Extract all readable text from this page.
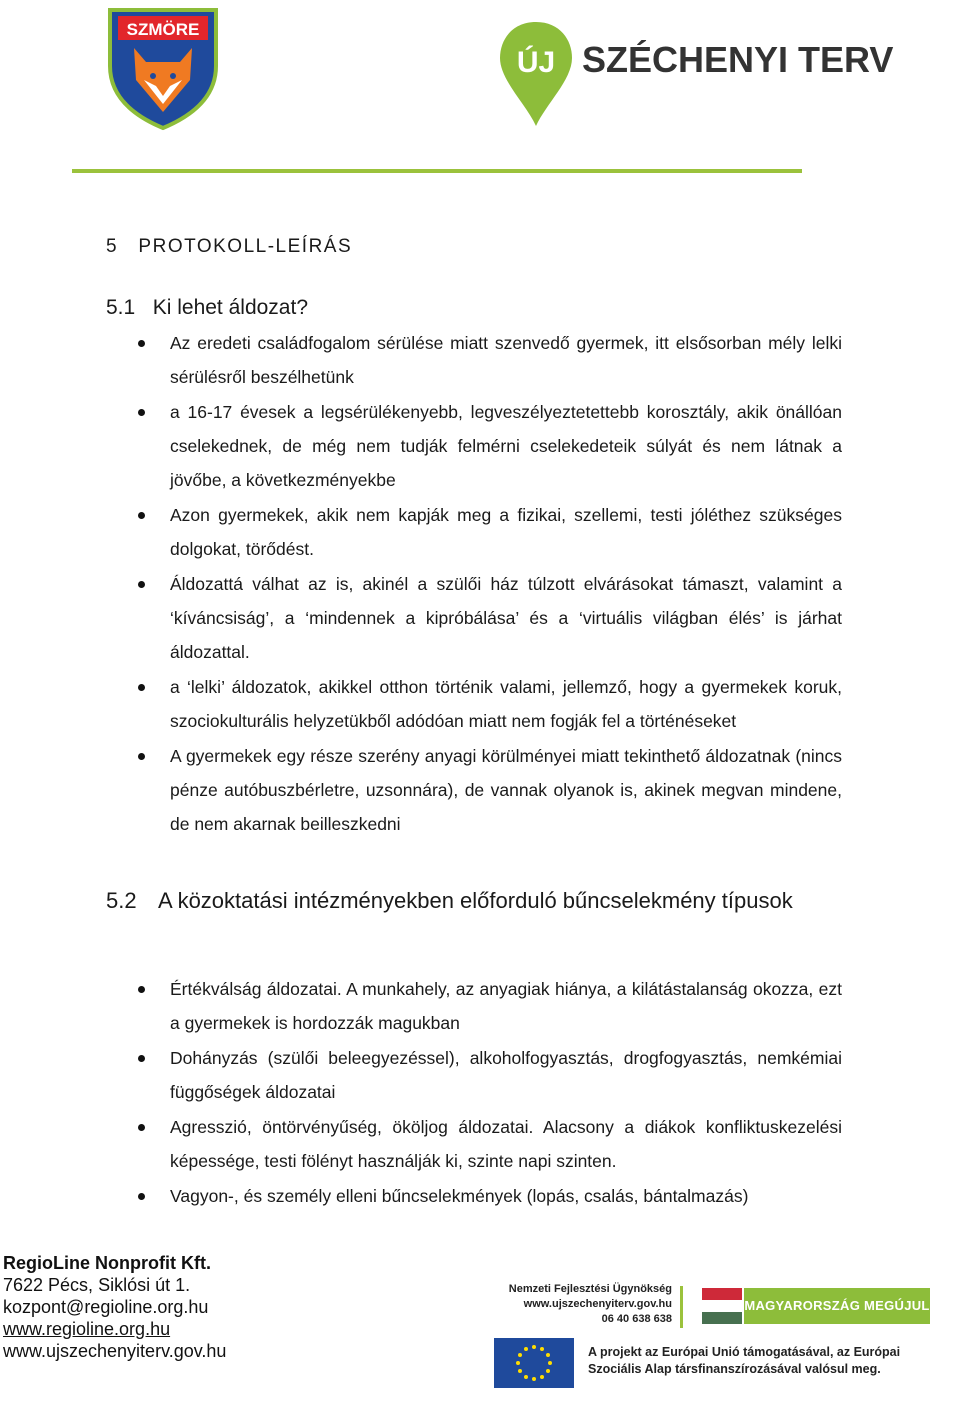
SZMÖRE
ÚJ SZÉCHENYI TERV
5 PROTOKOLL-LEÍRÁS
5.1 Ki lehet áldozat?
Az eredeti családfogalom sérülése miatt szenvedő gyermek, itt elsősorban mély lelki sérülésről beszélhetünk
a 16-17 évesek a legsérülékenyebb, legveszélyeztetettebb korosztály, akik önállóan cselekednek, de még nem tudják felmérni cselekedeteik súlyát és nem látnak a jövőbe, a következményekbe
Azon gyermekek, akik nem kapják meg a fizikai, szellemi, testi jóléthez szükséges dolgokat, törődést.
Áldozattá válhat az is, akinél a szülői ház túlzott elvárásokat támaszt, valamint a ‘kíváncsiság’, a ‘mindennek a kipróbálása’ és a ‘virtuális világban élés’ is járhat áldozattal.
a ‘lelki’ áldozatok, akikkel otthon történik valami, jellemző, hogy a gyermekek koruk, szociokulturális helyzetükből adódóan miatt nem fogják fel a történéseket
A gyermekek egy része szerény anyagi körülményei miatt tekinthető áldozatnak (nincs pénze autóbuszbérletre, uzsonnára), de vannak olyanok is, akinek megvan mindene, de nem akarnak beilleszkedni
5.2 A közoktatási intézményekben előforduló bűncselekmény típusok
Értékválság áldozatai. A munkahely, az anyagiak hiánya, a kilátástalanság okozza, ezt a gyermekek is hordozzák magukban
Dohányzás (szülői beleegyezéssel), alkoholfogyasztás, drogfogyasztás, nemkémiai függőségek áldozatai
Agresszió, öntörvényűség, ököljog áldozatai. Alacsony a diákok konfliktuskezelési képessége, testi fölényt használják ki, szinte napi szinten.
Vagyon-, és személy elleni bűncselekmények (lopás, csalás, bántalmazás)
RegioLine Nonprofit Kft.
7622 Pécs, Siklósi út 1.
kozpont@regioline.org.hu
www.regioline.org.hu
www.ujszechenyiterv.gov.hu
Nemzeti Fejlesztési Ügynökség
www.ujszechenyiterv.gov.hu
06 40 638 638
MAGYARORSZÁG MEGÚJUL
A projekt az Európai Unió támogatásával, az Európai
Szociális Alap társfinanszírozásával valósul meg.
